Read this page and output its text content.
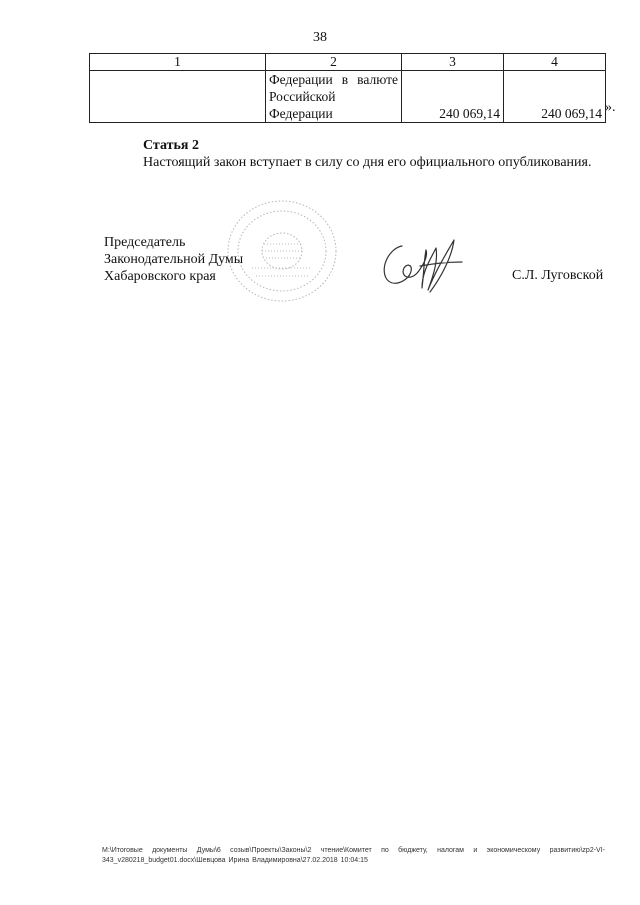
38
1	2	3	4

	Федерации в валюте
Российской
Федерации	240 069,14	240 069,14 ».
Статья 2
Настоящий закон вступает в силу со дня его официального опубликования.
Председатель
Законодательной Думы
Хабаровского края	С.Л. Луговской
M:\Итоговые документы Думы\6 созыв\Проекты\Законы\2 чтение\Комитет по бюджету, налогам и экономическому развитию\zp2-VI-343_v280218_budget01.docx\Шевцова Ирина Владимировна\27.02.2018 10:04:15
